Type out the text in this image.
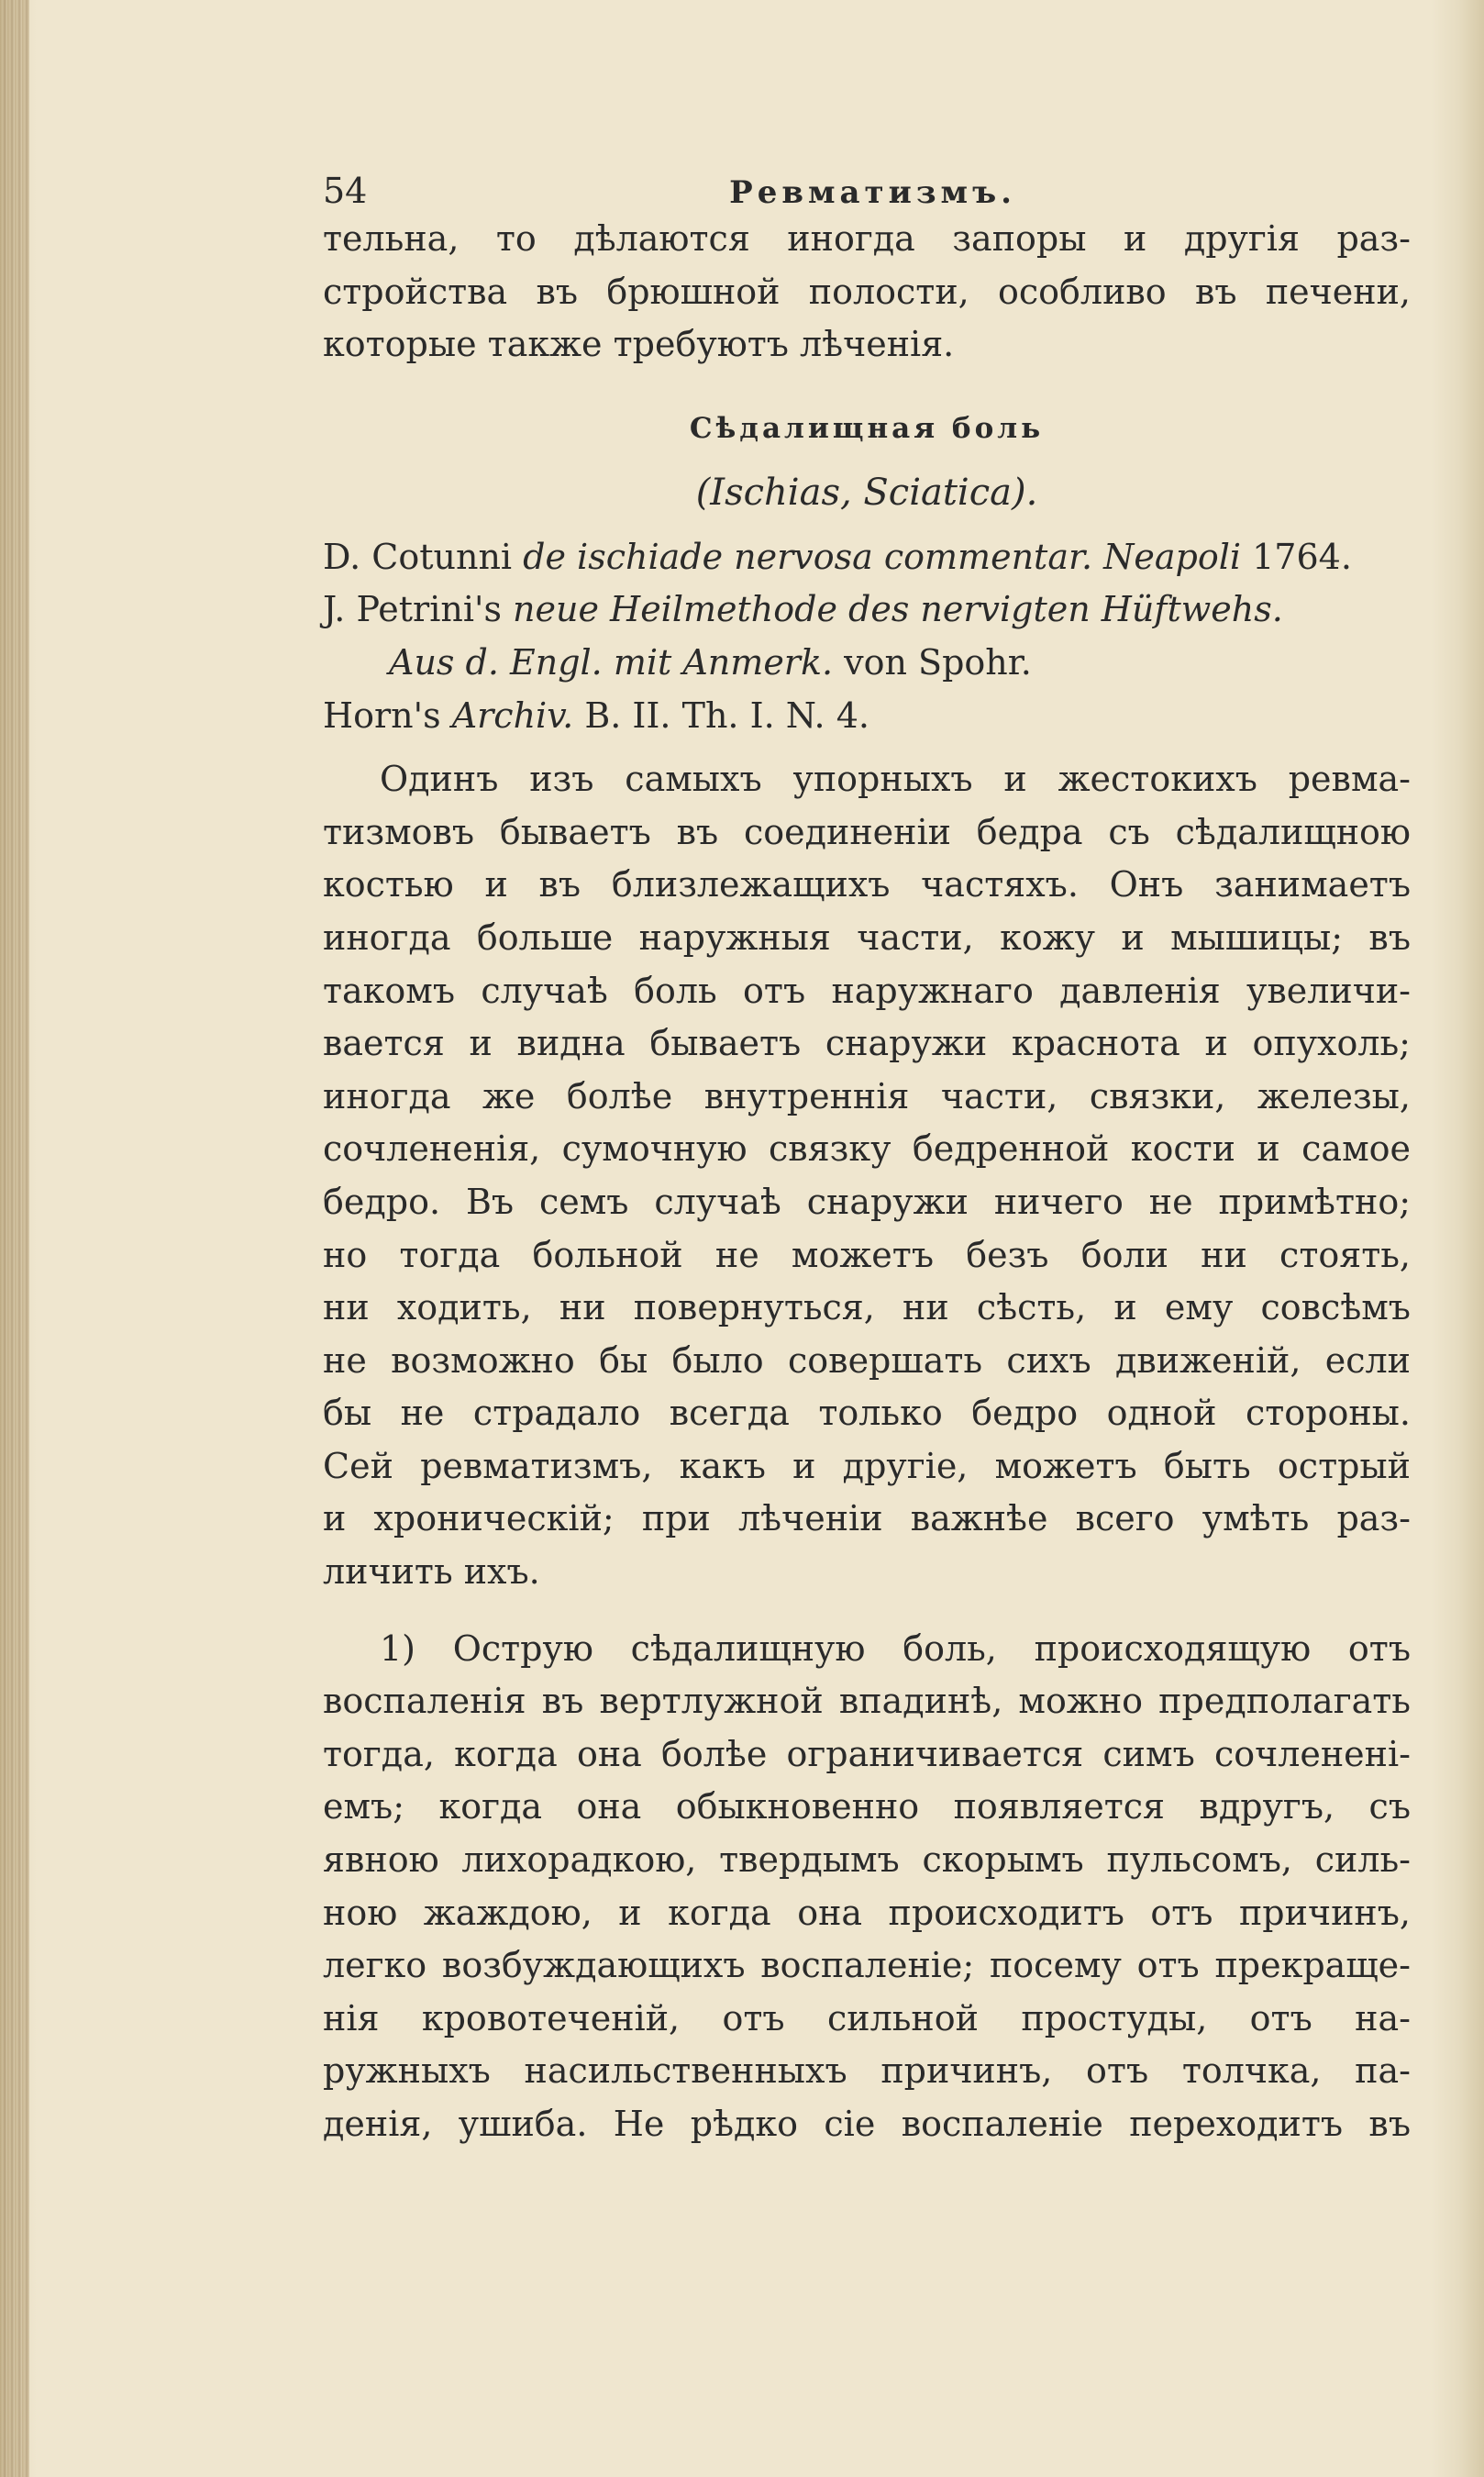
54	Ревматизмъ.
тельна, то дѣлаются иногда запоры и другія раз-
стройства въ брюшной полости, особливо въ печени,
которые также требуютъ лѣченія.
Сѣдалищная боль
(Ischias, Sciatica).
D. Cotunni de ischiade nervosa commentar. Neapoli 1764.
J. Petrini's neue Heilmethode des nervigten Hüftwehs.
Aus d. Engl. mit Anmerk. von Spohr.
Horn's Archiv. B. II. Th. I. N. 4.
Одинъ изъ самыхъ упорныхъ и жестокихъ ревма-
тизмовъ бываетъ въ соединеніи бедра съ сѣдалищною
костью и въ близлежащихъ частяхъ. Онъ занимаетъ
иногда больше наружныя части, кожу и мышицы; въ
такомъ случаѣ боль отъ наружнаго давленія увеличи-
вается и видна бываетъ снаружи краснота и опухоль;
иногда же болѣе внутреннія части, связки, железы,
сочлененія, сумочную связку бедренной кости и самое
бедро. Въ семъ случаѣ снаружи ничего не примѣтно;
но тогда больной не можетъ безъ боли ни стоять,
ни ходить, ни повернуться, ни сѣсть, и ему совсѣмъ
не возможно бы было совершать сихъ движеній, если
бы не страдало всегда только бедро одной стороны.
Сей ревматизмъ, какъ и другіе, можетъ быть острый
и хроническій; при лѣченіи важнѣе всего умѣть раз-
личить ихъ.
1) Острую сѣдалищную боль, происходящую отъ
воспаленія въ вертлужной впадинѣ, можно предполагать
тогда, когда она болѣе ограничивается симъ сочлененi-
емъ; когда она обыкновенно появляется вдругъ, съ
явною лихорадкою, твердымъ скорымъ пульсомъ, силь-
ною жаждою, и когда она происходитъ отъ причинъ,
легко возбуждающихъ воспаленіе; посему отъ прекраще-
нія кровотеченій, отъ сильной простуды, отъ на-
ружныхъ насильственныхъ причинъ, отъ толчка, па-
денія, ушиба. Не рѣдко сіе воспаленіе переходитъ въ
